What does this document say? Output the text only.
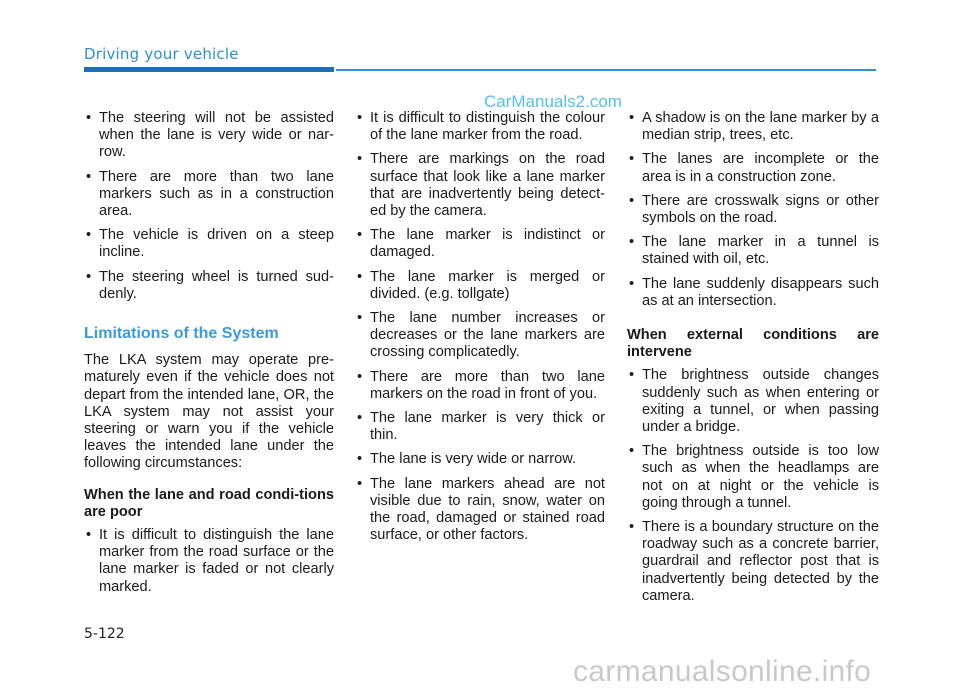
Driving your vehicle
CarManuals2.com
• The steering will not be assisted when the lane is very wide or nar-row.
• There are more than two lane markers such as in a construction area.
• The vehicle is driven on a steep incline.
• The steering wheel is turned sud-denly.
Limitations of the System

The LKA system may operate pre-maturely even if the vehicle does not depart from the intended lane, OR, the LKA system may not assist your steering or warn you if the vehicle leaves the intended lane under the following circumstances:

When the lane and road condi-tions are poor
• It is difficult to distinguish the lane marker from the road surface or the lane marker is faded or not clearly marked.
• It is difficult to distinguish the colour of the lane marker from the road.
• There are markings on the road surface that look like a lane marker that are inadvertently being detect-ed by the camera.
• The lane marker is indistinct or damaged.
• The lane marker is merged or divided. (e.g. tollgate)
• The lane number increases or decreases or the lane markers are crossing complicatedly.
• There are more than two lane markers on the road in front of you.
• The lane marker is very thick or thin.
• The lane is very wide or narrow.
• The lane markers ahead are not visible due to rain, snow, water on the road, damaged or stained road surface, or other factors.
• A shadow is on the lane marker by a median strip, trees, etc.
• The lanes are incomplete or the area is in a construction zone.
• There are crosswalk signs or other symbols on the road.
• The lane marker in a tunnel is stained with oil, etc.
• The lane suddenly disappears such as at an intersection.
When external conditions are intervene
• The brightness outside changes suddenly such as when entering or exiting a tunnel, or when passing under a bridge.
• The brightness outside is too low such as when the headlamps are not on at night or the vehicle is going through a tunnel.
• There is a boundary structure on the roadway such as a concrete barrier, guardrail and reflector post that is inadvertently being detected by the camera.
5-122
carmanualsonline.info
